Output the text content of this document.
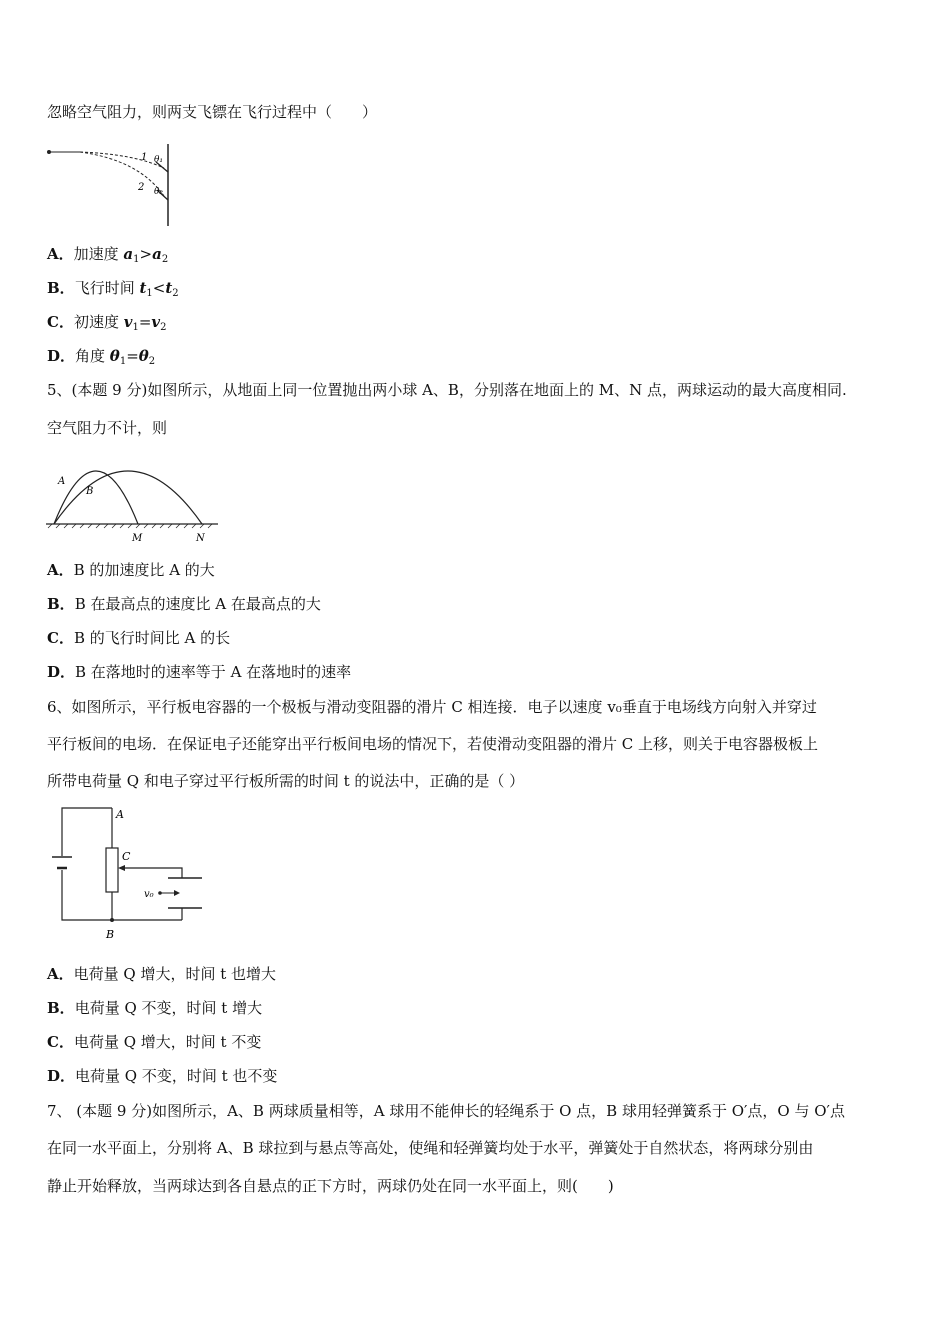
忽略空气阻力，则两支飞镖在飞行过程中（　　）
1
2
θ₁
θ₂
A．加速度 $a_1>a_2$
B．飞行时间 $t_1<t_2$
C．初速度 $v_1=v_2$
D．角度 $\theta_1=\theta_2$
5、(本题 9 分)如图所示，从地面上同一位置抛出两小球 A、B，分别落在地面上的 M、N 点，两球运动的最大高度相同.
空气阻力不计，则
A
B
M	N
A．B 的加速度比 A 的大
B．B 在最高点的速度比 A 在最高点的大
C．B 的飞行时间比 A 的长
D．B 在落地时的速率等于 A 在落地时的速率
6、如图所示，平行板电容器的一个极板与滑动变阻器的滑片 C 相连接．电子以速度 v₀垂直于电场线方向射入并穿过
平行板间的电场．在保证电子还能穿出平行板间电场的情况下，若使滑动变阻器的滑片 C 上移，则关于电容器极板上
所带电荷量 Q 和电子穿过平行板所需的时间 t 的说法中，正确的是（ ）
A
C
v₀
B
A．电荷量 Q 增大，时间 t 也增大
B．电荷量 Q 不变，时间 t 增大
C．电荷量 Q 增大，时间 t 不变
D．电荷量 Q 不变，时间 t 也不变
7、 (本题 9 分)如图所示，A、B 两球质量相等，A 球用不能伸长的轻绳系于 O 点，B 球用轻弹簧系于 O′点，O 与 O′点
在同一水平面上，分别将 A、B 球拉到与悬点等高处，使绳和轻弹簧均处于水平，弹簧处于自然状态，将两球分别由
静止开始释放，当两球达到各自悬点的正下方时，两球仍处在同一水平面上，则(　　)
